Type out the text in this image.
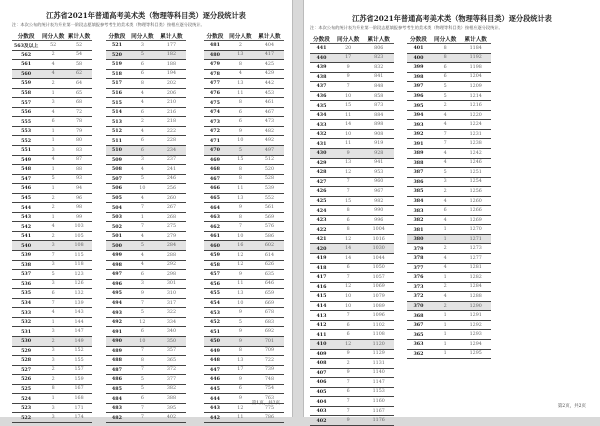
江苏省2021年普通高考美术类（物理等科目类）逐分段统计表
注：本次公布的统计表为升业第一阶段志愿填报参考考生的美术类（物理等科目类）按相应逐分段统计。
分数段	同分人数	累计人数
563及以上	52	52
562	2	54
561	4	58
560	4	62
559	2	64
558	1	65
557	3	68
556	4	72
555	6	78
553	1	79
552	1	80
551	3	83
549	4	87
548	1	88
547	5	93
546	1	94
545	2	96
544	2	98
543	1	99
542	4	103
541	2	105
540	3	108
539	7	115
538	3	118
537	5	123
536	3	126
535	6	132
534	7	139
533	4	143
532	1	144
531	3	147
530	2	149
529	3	152
528	3	155
527	2	157
526	2	159
525	8	167
524	1	168
523	3	171
522	3	174
分数段	同分人数	累计人数
521	3	177
520	5	182
519	6	188
518	6	194
517	8	202
516	4	206
515	4	210
514	6	216
513	2	218
512	4	222
511	6	228
510	6	234
509	3	237
508	4	241
507	5	246
506	10	256
505	4	260
504	7	267
503	1	268
502	7	275
501	4	279
500	5	284
499	4	288
498	4	292
497	6	298
496	3	301
495	9	310
494	7	317
493	5	322
492	12	334
491	6	340
490	10	350
489	7	357
488	8	365
487	7	372
486	5	377
485	5	382
484	6	388
483	7	395
482	7	402
分数段	同分人数	累计人数
481	2	404
480	13	417
479	8	425
478	4	429
477	13	442
476	11	453
475	8	461
474	6	467
473	6	473
472	9	482
471	10	492
470	5	497
469	15	512
468	8	520
467	8	528
466	11	539
465	13	552
464	9	561
463	8	569
462	7	576
461	10	586
460	16	602
459	12	614
458	12	626
457	9	635
456	11	646
455	13	659
454	10	669
453	9	678
452	5	683
451	9	692
450	9	701
449	8	709
448	13	722
447	17	739
446	9	748
445	6	754
444	9	763
443	12	775
442	11	786
第1页，共2页
江苏省2021年普通高考美术类（物理等科目类）逐分段统计表
注：本次公布的统计表为升业第一阶段志愿填报参考考生的美术类（物理等科目类）按相应逐分段统计。
分数段	同分人数	累计人数
441	20	806
440	17	823
439	9	832
438	9	841
437	7	848
436	10	858
435	15	873
434	11	884
433	14	898
432	10	908
431	11	919
430	9	928
429	13	941
428	12	953
427	7	960
426	7	967
425	15	982
424	8	990
423	6	996
422	8	1004
421	12	1016
420	14	1030
419	14	1044
418	6	1050
417	7	1057
416	12	1069
415	10	1079
414	10	1089
413	7	1096
412	6	1102
411	6	1108
410	12	1120
409	9	1129
408	2	1131
407	9	1140
406	7	1147
405	6	1153
404	7	1160
403	7	1167
402	9	1176
分数段	同分人数	累计人数
401	8	1184
400	8	1192
399	6	1198
398	6	1204
397	5	1209
396	5	1214
395	2	1216
394	4	1220
393	4	1224
392	7	1231
391	7	1238
389	4	1242
388	4	1246
387	5	1251
386	3	1254
385	2	1256
384	4	1260
383	6	1266
382	4	1269
381	1	1270
380	1	1271
379	2	1273
378	4	1277
377	4	1281
376	1	1282
373	2	1284
372	4	1288
370	2	1290
368	1	1291
367	1	1292
365	1	1293
363	1	1294
362	1	1295
第2页，共2页
